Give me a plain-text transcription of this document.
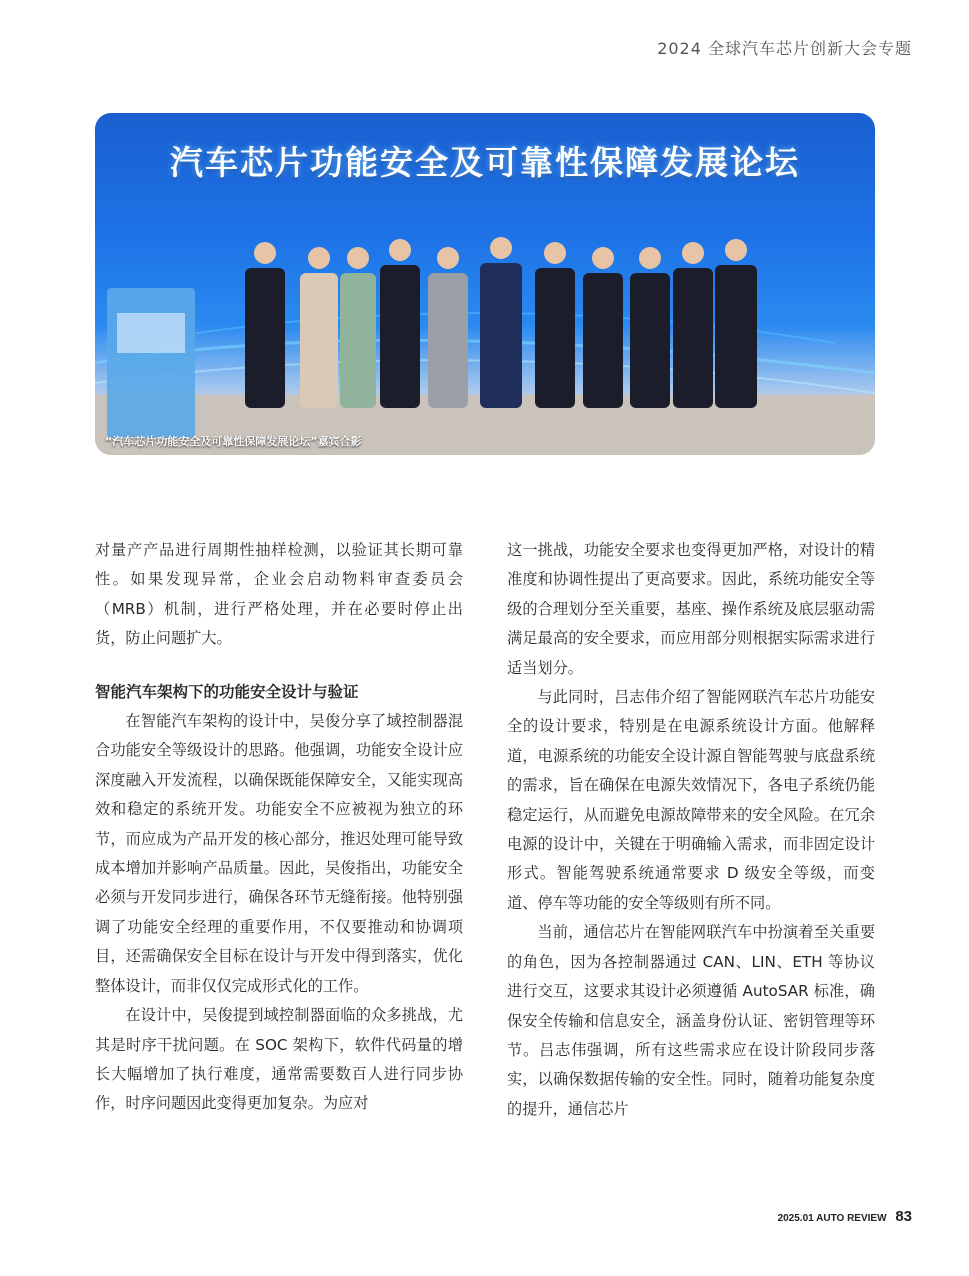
2024 全球汽车芯片创新大会专题
汽车芯片功能安全及可靠性保障发展论坛
“汽车芯片功能安全及可靠性保障发展论坛”嘉宾合影

对量产产品进行周期性抽样检测，以验证其长期可靠性。如果发现异常，企业会启动物料审查委员会（MRB）机制，进行严格处理，并在必要时停止出货，防止问题扩大。

智能汽车架构下的功能安全设计与验证

在智能汽车架构的设计中，吴俊分享了域控制器混合功能安全等级设计的思路。他强调，功能安全设计应深度融入开发流程，以确保既能保障安全，又能实现高效和稳定的系统开发。功能安全不应被视为独立的环节，而应成为产品开发的核心部分，推迟处理可能导致成本增加并影响产品质量。因此，吴俊指出，功能安全必须与开发同步进行，确保各环节无缝衔接。他特别强调了功能安全经理的重要作用，不仅要推动和协调项目，还需确保安全目标在设计与开发中得到落实，优化整体设计，而非仅仅完成形式化的工作。

在设计中，吴俊提到域控制器面临的众多挑战，尤其是时序干扰问题。在 SOC 架构下，软件代码量的增长大幅增加了执行难度，通常需要数百人进行同步协作，时序问题因此变得更加复杂。为应对

这一挑战，功能安全要求也变得更加严格，对设计的精准度和协调性提出了更高要求。因此，系统功能安全等级的合理划分至关重要，基座、操作系统及底层驱动需满足最高的安全要求，而应用部分则根据实际需求进行适当划分。

与此同时，吕志伟介绍了智能网联汽车芯片功能安全的设计要求，特别是在电源系统设计方面。他解释道，电源系统的功能安全设计源自智能驾驶与底盘系统的需求，旨在确保在电源失效情况下，各电子系统仍能稳定运行，从而避免电源故障带来的安全风险。在冗余电源的设计中，关键在于明确输入需求，而非固定设计形式。智能驾驶系统通常要求 D 级安全等级，而变道、停车等功能的安全等级则有所不同。

当前，通信芯片在智能网联汽车中扮演着至关重要的角色，因为各控制器通过 CAN、LIN、ETH 等协议进行交互，这要求其设计必须遵循 AutoSAR 标准，确保安全传输和信息安全，涵盖身份认证、密钥管理等环节。吕志伟强调，所有这些需求应在设计阶段同步落实，以确保数据传输的安全性。同时，随着功能复杂度的提升，通信芯片

2025.01 AUTO REVIEW 83
